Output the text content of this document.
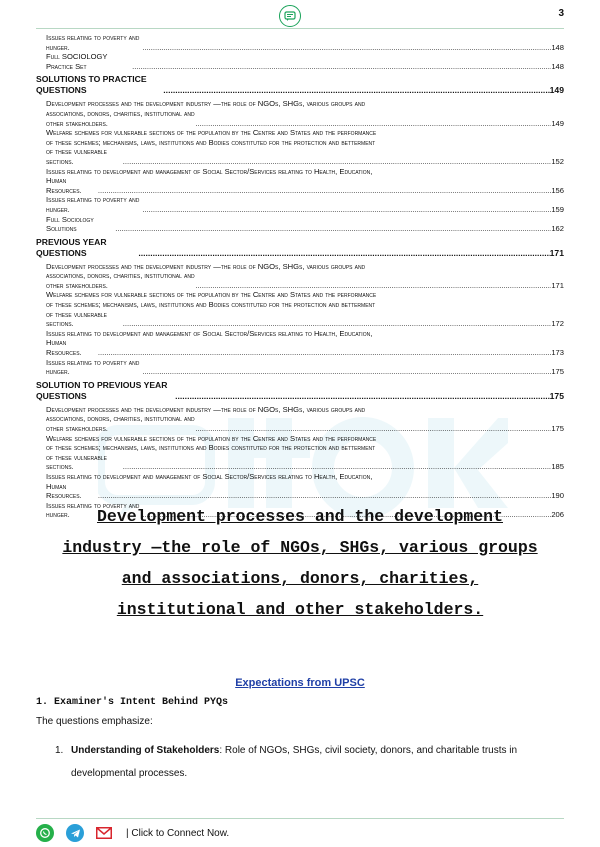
3
Issues relating to poverty and hunger. .....	148
Full SOCIOLOGY Practice Set .....	148
SOLUTIONS TO PRACTICE QUESTIONS .....	149
Development processes and the development industry —the role of NGOs, SHGs, various groups and
associations, donors, charities, institutional and other stakeholders. .....	149
Welfare schemes for vulnerable sections of the population by the Centre and States and the performance
of these schemes; mechanisms, laws, institutions and Bodies constituted for the protection and betterment
of these vulnerable sections. .....	152
Issues relating to development and management of Social Sector/Services relating to Health, Education,
Human Resources. .....	156
Issues relating to poverty and hunger. .....	159
Full Sociology Solutions .....	162
PREVIOUS YEAR QUESTIONS .....	171
Development processes and the development industry —the role of NGOs, SHGs, various groups and
associations, donors, charities, institutional and other stakeholders. .....	171
Welfare schemes for vulnerable sections of the population by the Centre and States and the performance
of these schemes; mechanisms, laws, institutions and Bodies constituted for the protection and betterment
of these vulnerable sections. .....	172
Issues relating to development and management of Social Sector/Services relating to Health, Education,
Human Resources. .....	173
Issues relating to poverty and hunger. .....	175
SOLUTION TO PREVIOUS YEAR QUESTIONS .....	175
Development processes and the development industry —the role of NGOs, SHGs, various groups and
associations, donors, charities, institutional and other stakeholders. .....	175
Welfare schemes for vulnerable sections of the population by the Centre and States and the performance
of these schemes; mechanisms, laws, institutions and Bodies constituted for the protection and betterment
of these vulnerable sections. .....	185
Issues relating to development and management of Social Sector/Services relating to Health, Education,
Human Resources. .....	190
Issues relating to poverty and hunger. .....	206
Development processes and the development
industry —the role of NGOs, SHGs, various groups
and associations, donors, charities,
institutional and other stakeholders.
Expectations from UPSC
1. Examiner's Intent Behind PYQs
The questions emphasize:
1. Understanding of Stakeholders: Role of NGOs, SHGs, civil society, donors, and charitable trusts in developmental processes.
| Click to Connect Now.
